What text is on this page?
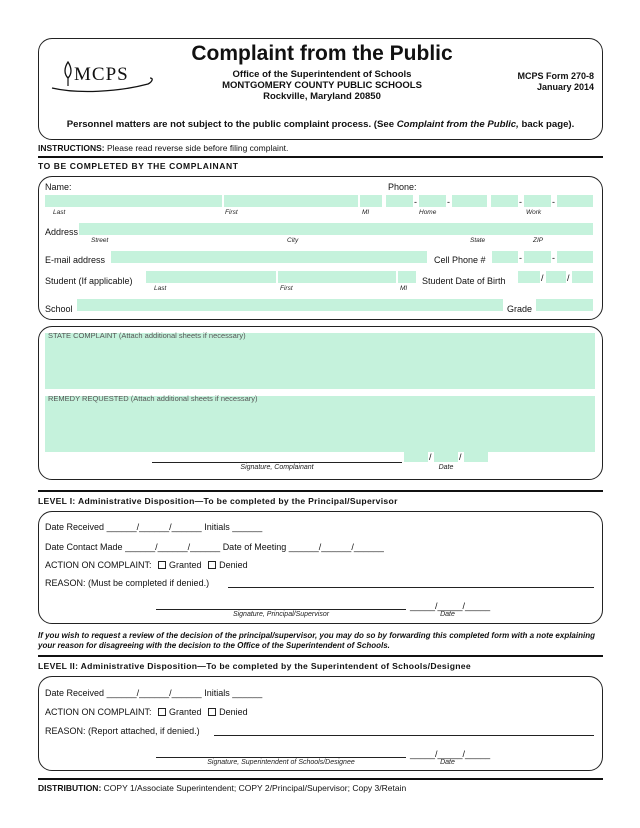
MCPS
Complaint from the Public
Office of the Superintendent of Schools
MONTGOMERY COUNTY PUBLIC SCHOOLS
Rockville, Maryland 20850
MCPS Form 270-8
January 2014
Personnel matters are not subject to the public complaint process. (See Complaint from the Public, back page).
INSTRUCTIONS: Please read reverse side before filing complaint.
TO BE COMPLETED BY THE COMPLAINANT
Name:	Phone:
-	-	-	-
Last	First	MI	Home	Work
Address
Street	City	State	ZIP
E-mail address	Cell Phone #	-	-
Student (If applicable)
Last	First	MI
Student Date of Birth	/	/
School	Grade
STATE COMPLAINT (Attach additional sheets if necessary)
REMEDY REQUESTED (Attach additional sheets if necessary)
/	/
Signature, Complainant	Date
LEVEL I: Administrative Disposition—To be completed by the Principal/Supervisor
Date Received ______/______/______ Initials ______
Date Contact Made ______/______/______ Date of Meeting ______/______/______
ACTION ON COMPLAINT: Granted Denied
REASON: (Must be completed if denied.)
_____/_____/_____
Signature, Principal/Supervisor	Date
If you wish to request a review of the decision of the principal/supervisor, you may do so by forwarding this completed form with a note explaining your reason for disagreeing with the decision to the Office of the Superintendent of Schools.
LEVEL II: Administrative Disposition—To be completed by the Superintendent of Schools/Designee
Date Received ______/______/______ Initials ______
ACTION ON COMPLAINT: Granted Denied
REASON: (Report attached, if denied.)
_____/_____/_____
Signature, Superintendent of Schools/Designee	Date
DISTRIBUTION: COPY 1/Associate Superintendent; COPY 2/Principal/Supervisor; Copy 3/Retain
